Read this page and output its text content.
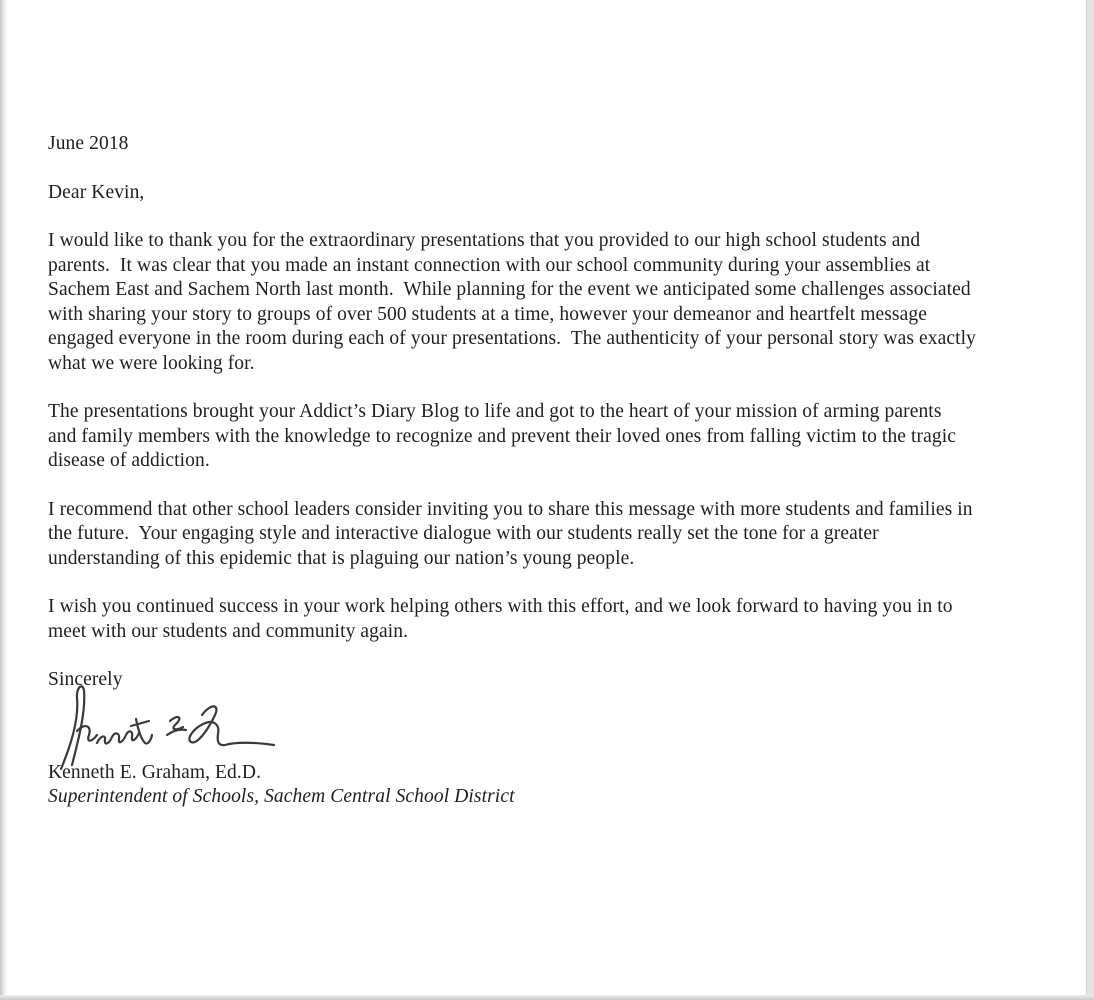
June 2018
Dear Kevin,
I would like to thank you for the extraordinary presentations that you provided to our high school students and
parents.  It was clear that you made an instant connection with our school community during your assemblies at
Sachem East and Sachem North last month.  While planning for the event we anticipated some challenges associated
with sharing your story to groups of over 500 students at a time, however your demeanor and heartfelt message
engaged everyone in the room during each of your presentations.  The authenticity of your personal story was exactly
what we were looking for.
The presentations brought your Addict’s Diary Blog to life and got to the heart of your mission of arming parents
and family members with the knowledge to recognize and prevent their loved ones from falling victim to the tragic
disease of addiction.
I recommend that other school leaders consider inviting you to share this message with more students and families in
the future.  Your engaging style and interactive dialogue with our students really set the tone for a greater
understanding of this epidemic that is plaguing our nation’s young people.
I wish you continued success in your work helping others with this effort, and we look forward to having you in to
meet with our students and community again.
Sincerely
Kenneth E. Graham, Ed.D.
Superintendent of Schools, Sachem Central School District
